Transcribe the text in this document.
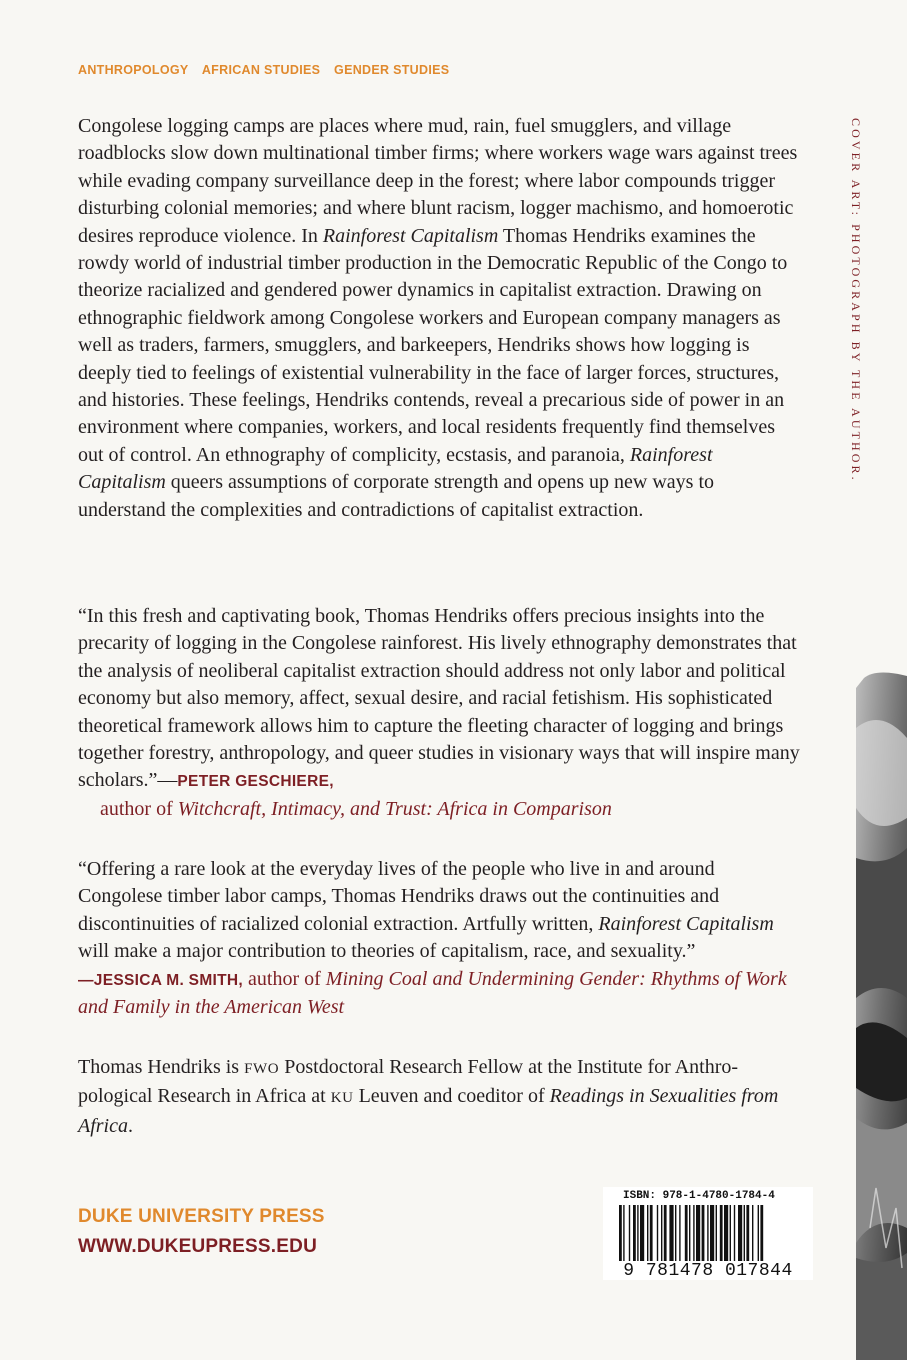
ANTHROPOLOGY AFRICAN STUDIES GENDER STUDIES
COVER ART: PHOTOGRAPH BY THE AUTHOR.

Congolese logging camps are places where mud, rain, fuel smugglers, and village roadblocks slow down multinational timber firms; where workers wage wars against trees while evading company surveillance deep in the forest; where labor compounds trigger disturbing colonial memories; and where blunt racism, logger machismo, and homoerotic desires reproduce violence. In Rainforest Capitalism Thomas Hendriks examines the rowdy world of industrial timber production in the Democratic Republic of the Congo to theorize racialized and gendered power dynamics in capitalist extraction. Drawing on ethnographic fieldwork among Congolese workers and European company managers as well as traders, farmers, smugglers, and barkeepers, Hendriks shows how logging is deeply tied to feelings of existential vulnerability in the face of larger forces, structures, and histories. These feelings, Hendriks contends, reveal a precarious side of power in an environment where companies, workers, and local residents frequently find themselves out of control. An ethnography of complicity, ecstasis, and paranoia, Rainforest Capitalism queers assumptions of corporate strength and opens up new ways to understand the complexities and contradictions of capitalist extraction.

“In this fresh and captivating book, Thomas Hendriks offers precious insights into the precarity of logging in the Congolese rainforest. His lively ethnography demonstrates that the analysis of neoliberal capitalist extraction should address not only labor and political economy but also memory, affect, sexual desire, and racial fetishism. His sophisticated theoretical framework allows him to capture the fleeting character of logging and brings together forestry, anthropology, and queer studies in visionary ways that will inspire many scholars.”—PETER GESCHIERE,

author of Witchcraft, Intimacy, and Trust: Africa in Comparison

“Offering a rare look at the everyday lives of the people who live in and around Congolese timber labor camps, Thomas Hendriks draws out the continuities and discontinuities of racialized colonial extraction. Artfully written, Rainforest Capitalism will make a major contribution to theories of capitalism, race, and sexuality.”

—JESSICA M. SMITH, author of Mining Coal and Undermining Gender: Rhythms of Work and Family in the American West

Thomas Hendriks is FWO Postdoctoral Research Fellow at the Institute for Anthropological Research in Africa at KU Leuven and coeditor of Readings in Sexualities from Africa.

DUKE UNIVERSITY PRESS
WWW.DUKEUPRESS.EDU
ISBN: 978-1-4780-1784-4
9 781478 017844
